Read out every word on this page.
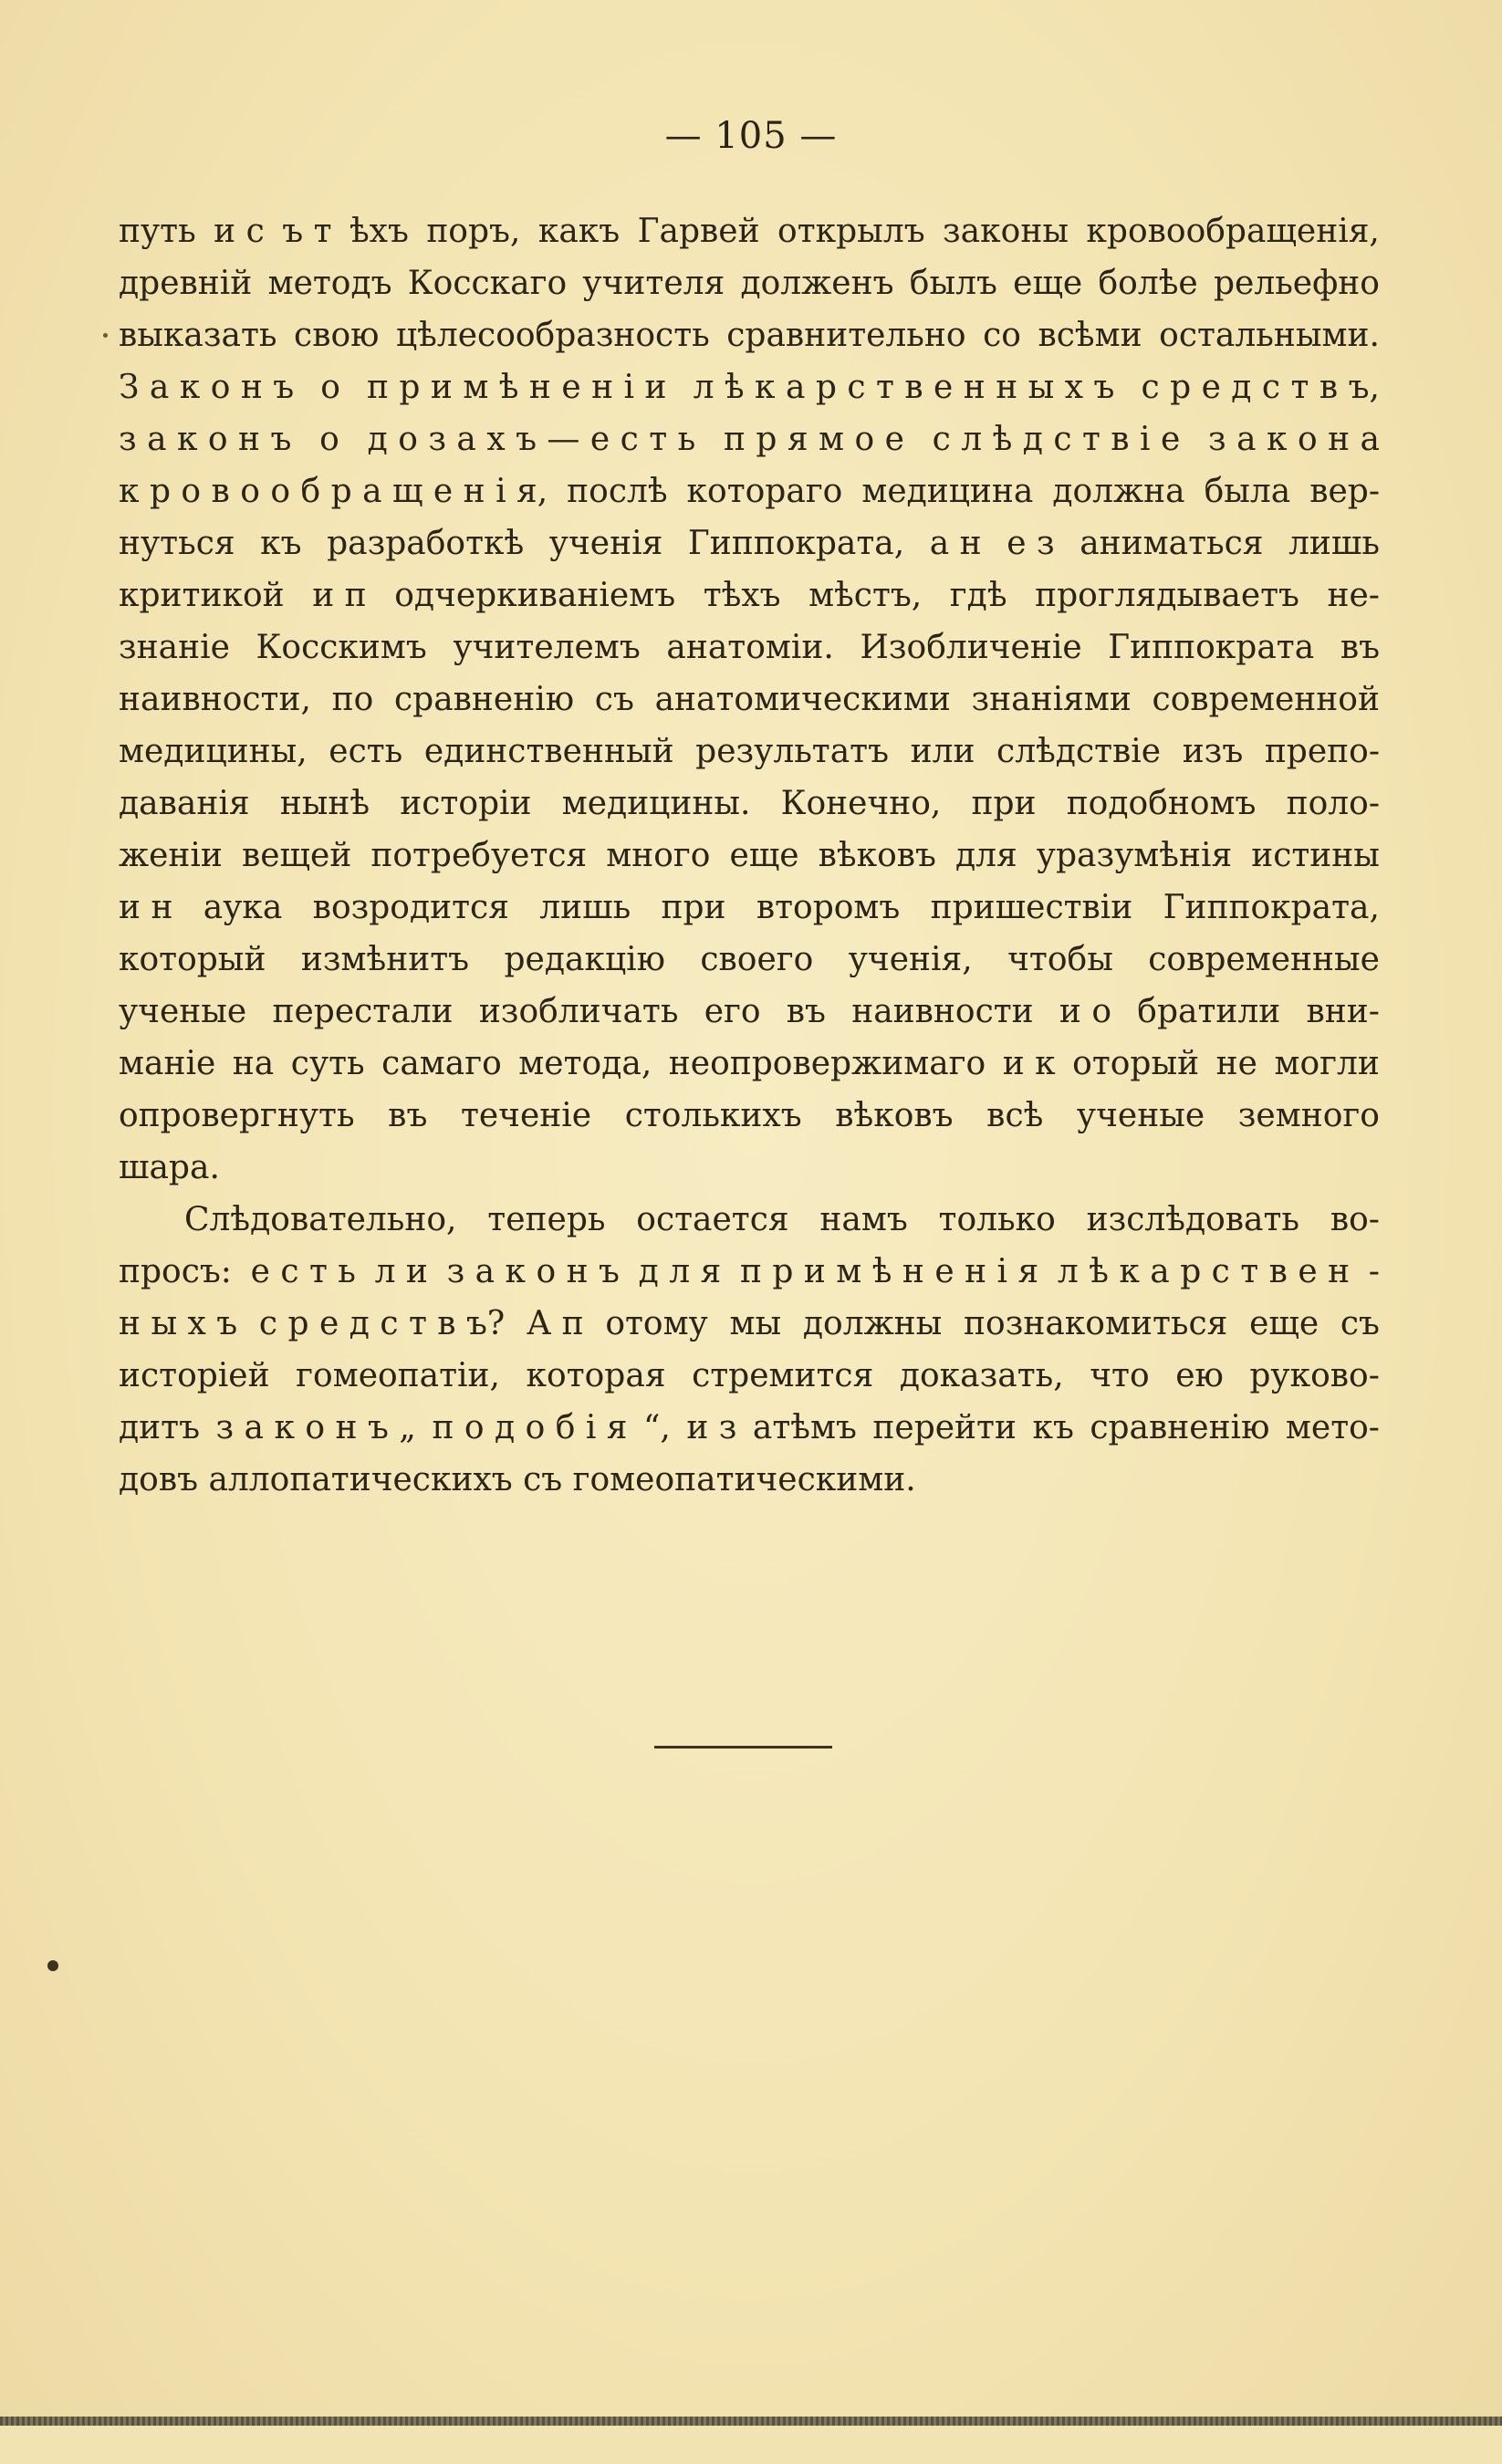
— 105 —
путь и с ъ т ѣхъ поръ, какъ Гарвей открылъ законы кровообращенія,
древній методъ Косскаго учителя долженъ былъ еще болѣе рельефно
выказать свою цѣлесообразность сравнительно со всѣми остальными.
З а к о н ъ о п р и м ѣ н е н і и л ѣ к а р с т в е н н ы х ъ с р е д с т в ъ,
з а к о н ъ о д о з а х ъ — е с т ь п р я м о е с л ѣ д с т в і е з а к о н а
к р о в о о б р а щ е н і я, послѣ котораго медицина должна была вер-
нуться къ разработкѣ ученія Гиппократа, а н е з аниматься лишь
критикой и п одчеркиваніемъ тѣхъ мѣстъ, гдѣ проглядываетъ не-
знаніе Косскимъ учителемъ анатоміи. Изобличеніе Гиппократа въ
наивности, по сравненію съ анатомическими знаніями современной
медицины, есть единственный результатъ или слѣдствіе изъ препо-
даванія нынѣ исторіи медицины. Конечно, при подобномъ поло-
женіи вещей потребуется много еще вѣковъ для уразумѣнія истины
и н аука возродится лишь при второмъ пришествіи Гиппократа,
который измѣнитъ редакцію своего ученія, чтобы современные
ученые перестали изобличать его въ наивности и о братили вни-
маніе на суть самаго метода, неопровержимаго и к оторый не могли
опровергнуть въ теченіе столькихъ вѣковъ всѣ ученые земного
шара.
Слѣдовательно, теперь остается намъ только изслѣдовать во-
просъ: е с т ь л и з а к о н ъ д л я п р и м ѣ н е н і я л ѣ к а р с т в е н -
н ы х ъ с р е д с т в ъ? А п отому мы должны познакомиться еще съ
исторіей гомеопатіи, которая стремится доказать, что ею руково-
дитъ з а к о н ъ „ п о д о б і я “, и з атѣмъ перейти къ сравненію мето-
довъ аллопатическихъ съ гомеопатическими.
